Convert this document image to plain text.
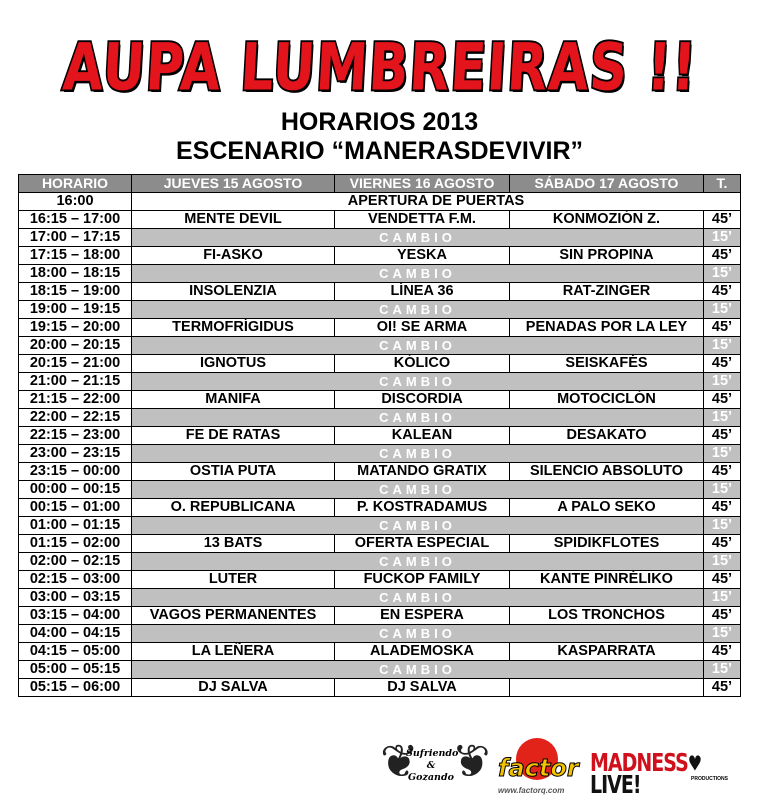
AUPA LUMBREIRAS !!
HORARIOS 2013
ESCENARIO “MANERASDEVIVIR”
HORARIO	JUEVES 15 AGOSTO	VIERNES 16 AGOSTO	SÁBADO 17 AGOSTO	T.
16:00	APERTURA DE PUERTAS			
16:15 – 17:00	MENTE DEVIL	VENDETTA F.M.	KONMOZIÓN Z.	45’
17:00 – 17:15	CAMBIO			15’
17:15 – 18:00	FI-ASKO	YESKA	SIN PROPINA	45’
18:00 – 18:15	CAMBIO			15’
18:15 – 19:00	INSOLENZIA	LÍNEA 36	RAT-ZINGER	45’
19:00 – 19:15	CAMBIO			15’
19:15 – 20:00	TERMOFRÍGIDUS	OI! SE ARMA	PENADAS POR LA LEY	45’
20:00 – 20:15	CAMBIO			15’
20:15 – 21:00	IGNOTUS	KÓLICO	SEISKAFÉS	45’
21:00 – 21:15	CAMBIO			15’
21:15 – 22:00	MANIFA	DISCORDIA	MOTOCICLÓN	45’
22:00 – 22:15	CAMBIO			15’
22:15 – 23:00	FE DE RATAS	KALEAN	DESAKATO	45’
23:00 – 23:15	CAMBIO			15’
23:15 – 00:00	OSTIA PUTA	MATANDO GRATIX	SILENCIO ABSOLUTO	45’
00:00 – 00:15	CAMBIO			15’
00:15 – 01:00	O. REPUBLICANA	P. KOSTRADAMUS	A PALO SEKO	45’
01:00 – 01:15	CAMBIO			15’
01:15 – 02:00	13 BATS	OFERTA ESPECIAL	SPIDIKFLOTES	45’
02:00 – 02:15	CAMBIO			15’
02:15 – 03:00	LUTER	FUCKOP FAMILY	KANTE PINRÉLIKO	45’
03:00 – 03:15	CAMBIO			15’
03:15 – 04:00	VAGOS PERMANENTES	EN ESPERA	LOS TRONCHOS	45’
04:00 – 04:15	CAMBIO			15’
04:15 – 05:00	LA LEÑERA	ALADEMOSKA	KASPARRATA	45’
05:00 – 05:15	CAMBIO			15’
05:15 – 06:00	DJ SALVA	DJ SALVA		45’
❦
Sufriendo
&
Gozando
❦ factor
www.factorq.com
MADNESS♥LIVE!	PRODUCTIONS
